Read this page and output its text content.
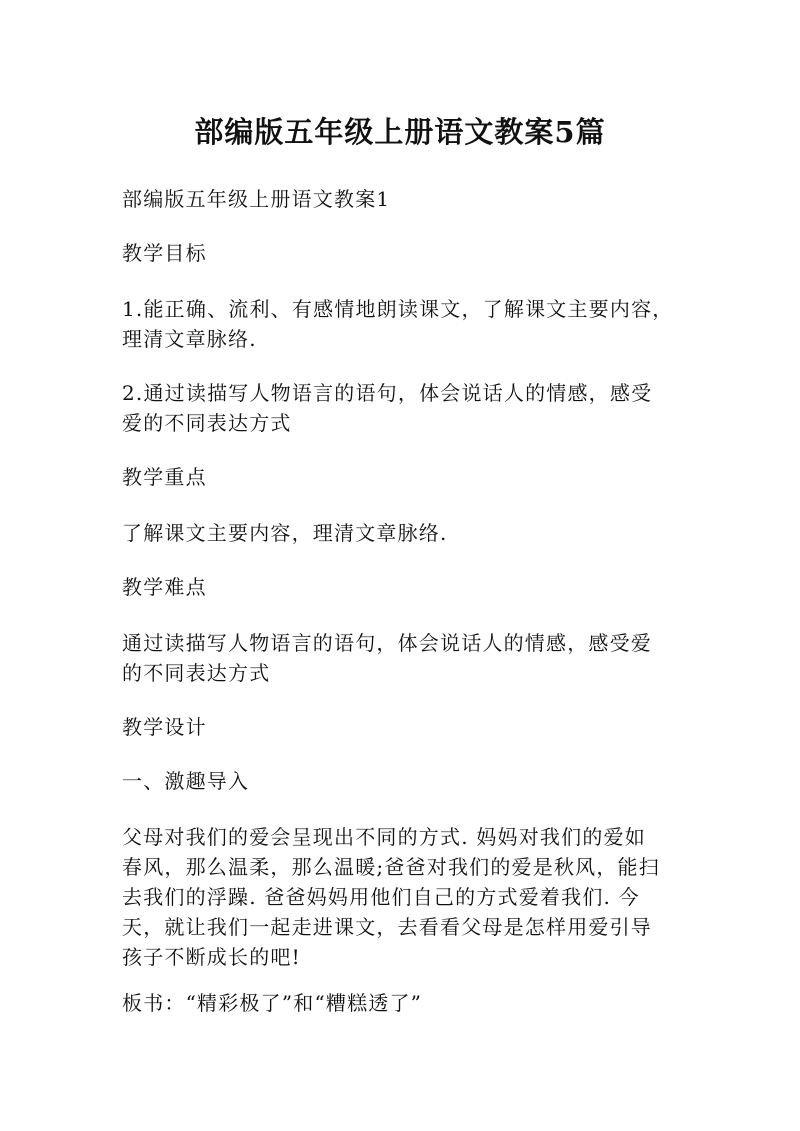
部编版五年级上册语文教案5篇
部编版五年级上册语文教案1
教学目标
1.能正确、流利、有感情地朗读课文，了解课文主要内容，
理清文章脉络.
2.通过读描写人物语言的语句，体会说话人的情感，感受
爱的不同表达方式
教学重点
了解课文主要内容，理清文章脉络.
教学难点
通过读描写人物语言的语句，体会说话人的情感，感受爱
的不同表达方式
教学设计
一、激趣导入
父母对我们的爱会呈现出不同的方式. 妈妈对我们的爱如
春风，那么温柔，那么温暖;爸爸对我们的爱是秋风，能扫
去我们的浮躁. 爸爸妈妈用他们自己的方式爱着我们. 今
天，就让我们一起走进课文，去看看父母是怎样用爱引导
孩子不断成长的吧!
板书：“精彩极了”和“糟糕透了”
